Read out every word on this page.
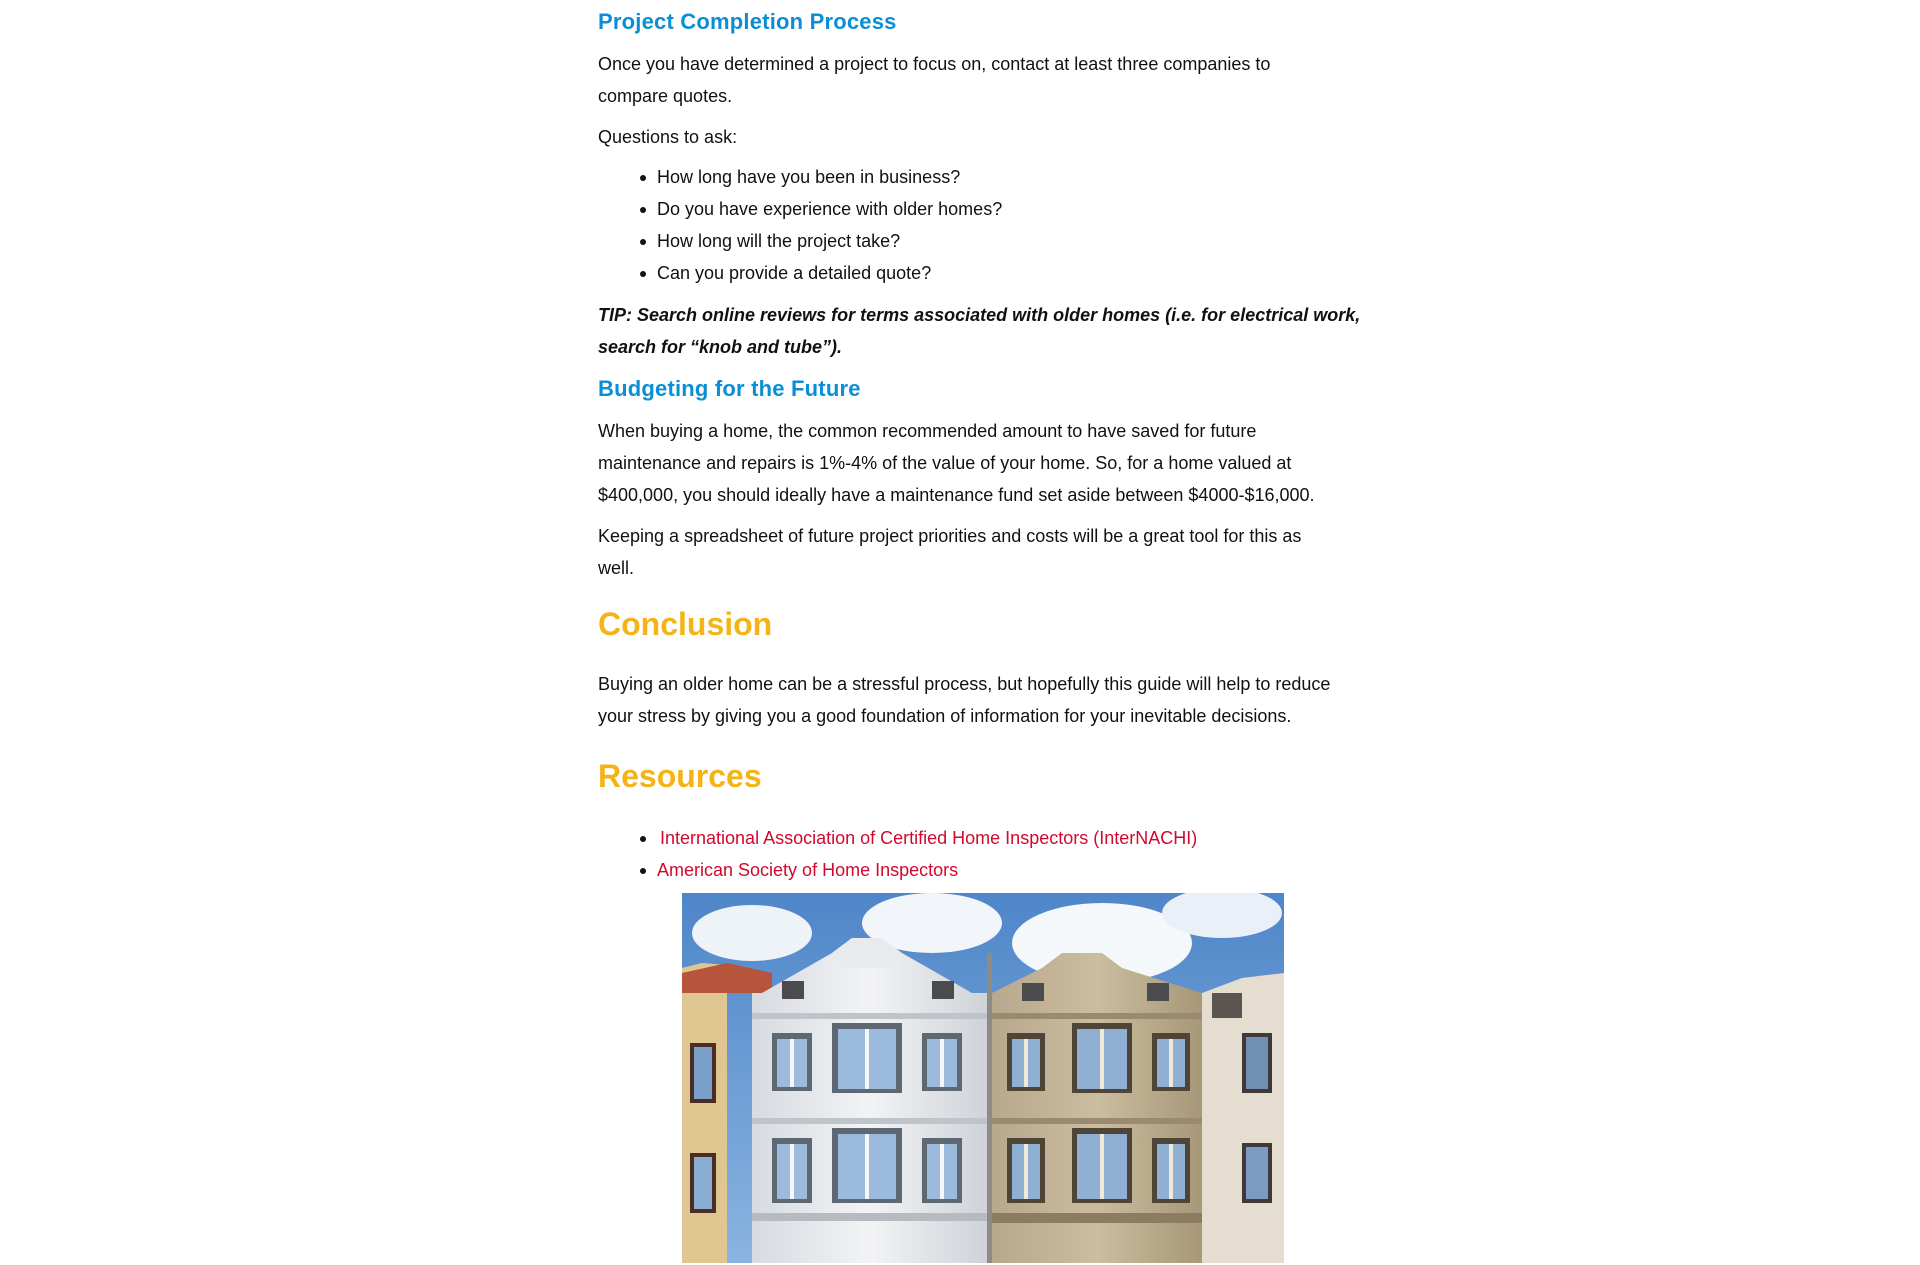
Project Completion Process

Once you have determined a project to focus on, contact at least three companies to

compare quotes.

Questions to ask:

How long have you been in business?
Do you have experience with older homes?
How long will the project take?
Can you provide a detailed quote?

TIP: Search online reviews for terms associated with older homes (i.e. for electrical work,

search for “knob and tube”).

Budgeting for the Future

When buying a home, the common recommended amount to have saved for future

maintenance and repairs is 1%-4% of the value of your home. So, for a home valued at

$400,000, you should ideally have a maintenance fund set aside between $4000-$16,000.

Keeping a spreadsheet of future project priorities and costs will be a great tool for this as

well.

Conclusion

Buying an older home can be a stressful process, but hopefully this guide will help to reduce

your stress by giving you a good foundation of information for your inevitable decisions.

Resources
International Association of Certified Home Inspectors (InterNACHI)
American Society of Home Inspectors
